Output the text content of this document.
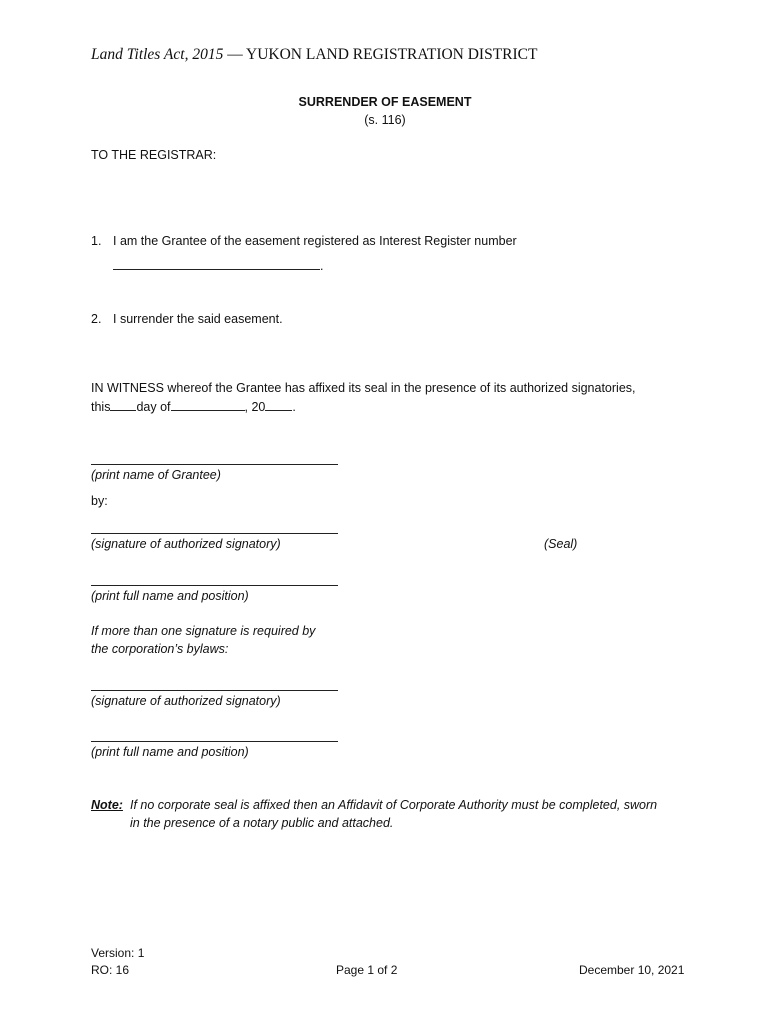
Land Titles Act, 2015 — YUKON LAND REGISTRATION DISTRICT
SURRENDER OF EASEMENT
(s. 116)
TO THE REGISTRAR:
1. I am the Grantee of the easement registered as Interest Register number
.
2. I surrender the said easement.
IN WITNESS whereof the Grantee has affixed its seal in the presence of its authorized signatories,
this day of	, 20 .
(print name of Grantee)
by:
(signature of authorized signatory)	(Seal)
(print full name and position)
If more than one signature is required by
the corporation’s bylaws:
(signature of authorized signatory)
(print full name and position)
Note: If no corporate seal is affixed then an Affidavit of Corporate Authority must be completed, sworn
in the presence of a notary public and attached.
Version: 1
RO: 16	Page 1 of 2	December 10, 2021
